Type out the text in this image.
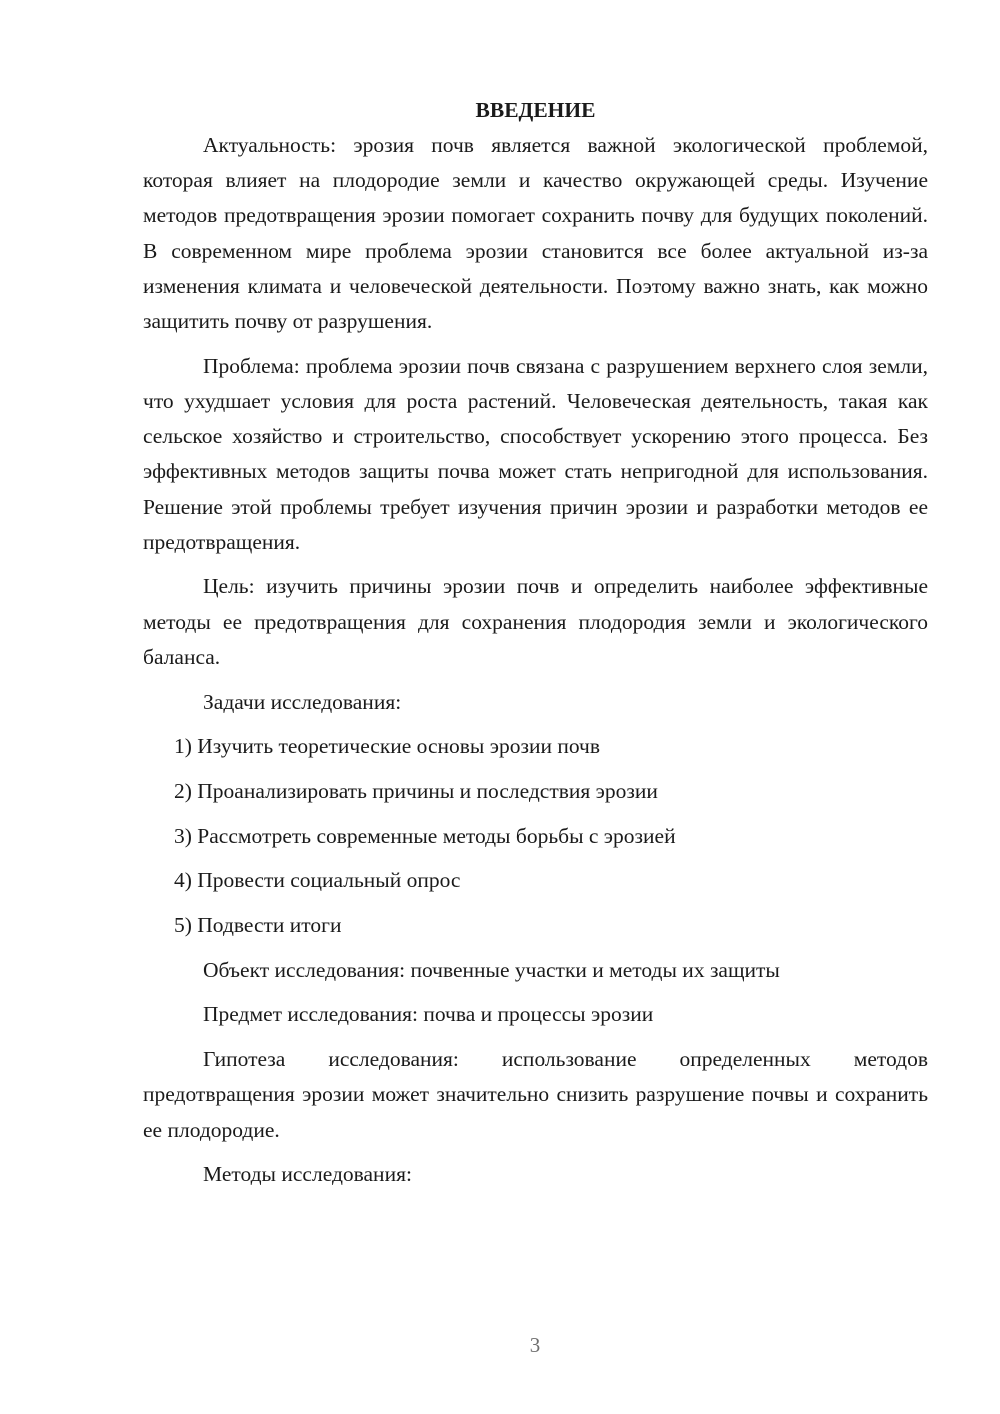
ВВЕДЕНИЕ

Актуальность: эрозия почв является важной экологической проблемой, которая влияет на плодородие земли и качество окружающей среды. Изучение методов предотвращения эрозии помогает сохранить почву для будущих поколений. В современном мире проблема эрозии становится все более актуальной из-за изменения климата и человеческой деятельности. Поэтому важно знать, как можно защитить почву от разрушения.

Проблема: проблема эрозии почв связана с разрушением верхнего слоя земли, что ухудшает условия для роста растений. Человеческая деятельность, такая как сельское хозяйство и строительство, способствует ускорению этого процесса. Без эффективных методов защиты почва может стать непригодной для использования. Решение этой проблемы требует изучения причин эрозии и разработки методов ее предотвращения.

Цель: изучить причины эрозии почв и определить наиболее эффективные методы ее предотвращения для сохранения плодородия земли и экологического баланса.

Задачи исследования:

1) Изучить теоретические основы эрозии почв
2) Проанализировать причины и последствия эрозии
3) Рассмотреть современные методы борьбы с эрозией
4) Провести социальный опрос
5) Подвести итоги

Объект исследования: почвенные участки и методы их защиты

Предмет исследования: почва и процессы эрозии

Гипотеза исследования: использование определенных методов предотвращения эрозии может значительно снизить разрушение почвы и сохранить ее плодородие.

Методы исследования:

3
